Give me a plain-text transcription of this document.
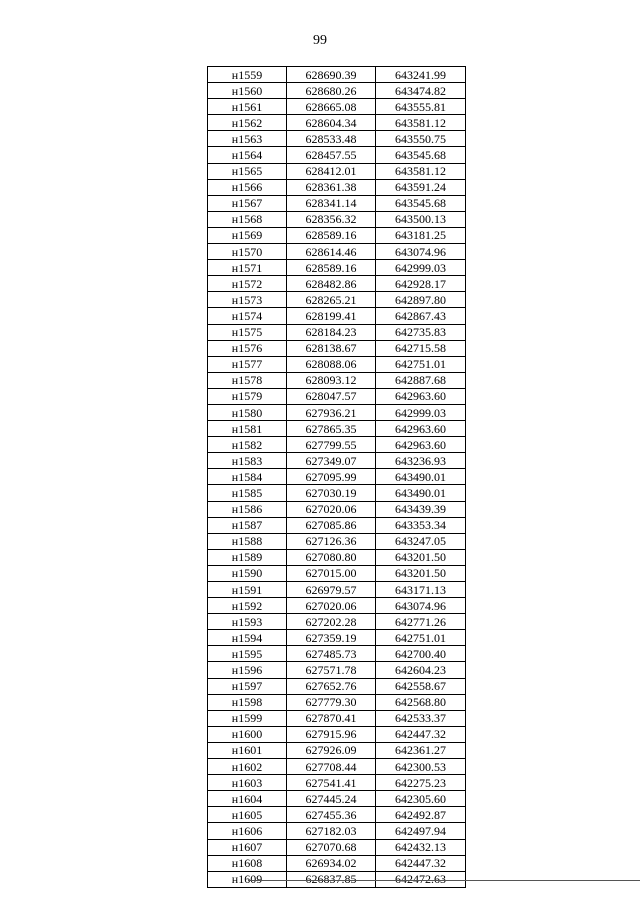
99
н1559	628690.39	643241.99
н1560	628680.26	643474.82
н1561	628665.08	643555.81
н1562	628604.34	643581.12
н1563	628533.48	643550.75
н1564	628457.55	643545.68
н1565	628412.01	643581.12
н1566	628361.38	643591.24
н1567	628341.14	643545.68
н1568	628356.32	643500.13
н1569	628589.16	643181.25
н1570	628614.46	643074.96
н1571	628589.16	642999.03
н1572	628482.86	642928.17
н1573	628265.21	642897.80
н1574	628199.41	642867.43
н1575	628184.23	642735.83
н1576	628138.67	642715.58
н1577	628088.06	642751.01
н1578	628093.12	642887.68
н1579	628047.57	642963.60
н1580	627936.21	642999.03
н1581	627865.35	642963.60
н1582	627799.55	642963.60
н1583	627349.07	643236.93
н1584	627095.99	643490.01
н1585	627030.19	643490.01
н1586	627020.06	643439.39
н1587	627085.86	643353.34
н1588	627126.36	643247.05
н1589	627080.80	643201.50
н1590	627015.00	643201.50
н1591	626979.57	643171.13
н1592	627020.06	643074.96
н1593	627202.28	642771.26
н1594	627359.19	642751.01
н1595	627485.73	642700.40
н1596	627571.78	642604.23
н1597	627652.76	642558.67
н1598	627779.30	642568.80
н1599	627870.41	642533.37
н1600	627915.96	642447.32
н1601	627926.09	642361.27
н1602	627708.44	642300.53
н1603	627541.41	642275.23
н1604	627445.24	642305.60
н1605	627455.36	642492.87
н1606	627182.03	642497.94
н1607	627070.68	642432.13
н1608	626934.02	642447.32
н1609	626837.85	642472.63
